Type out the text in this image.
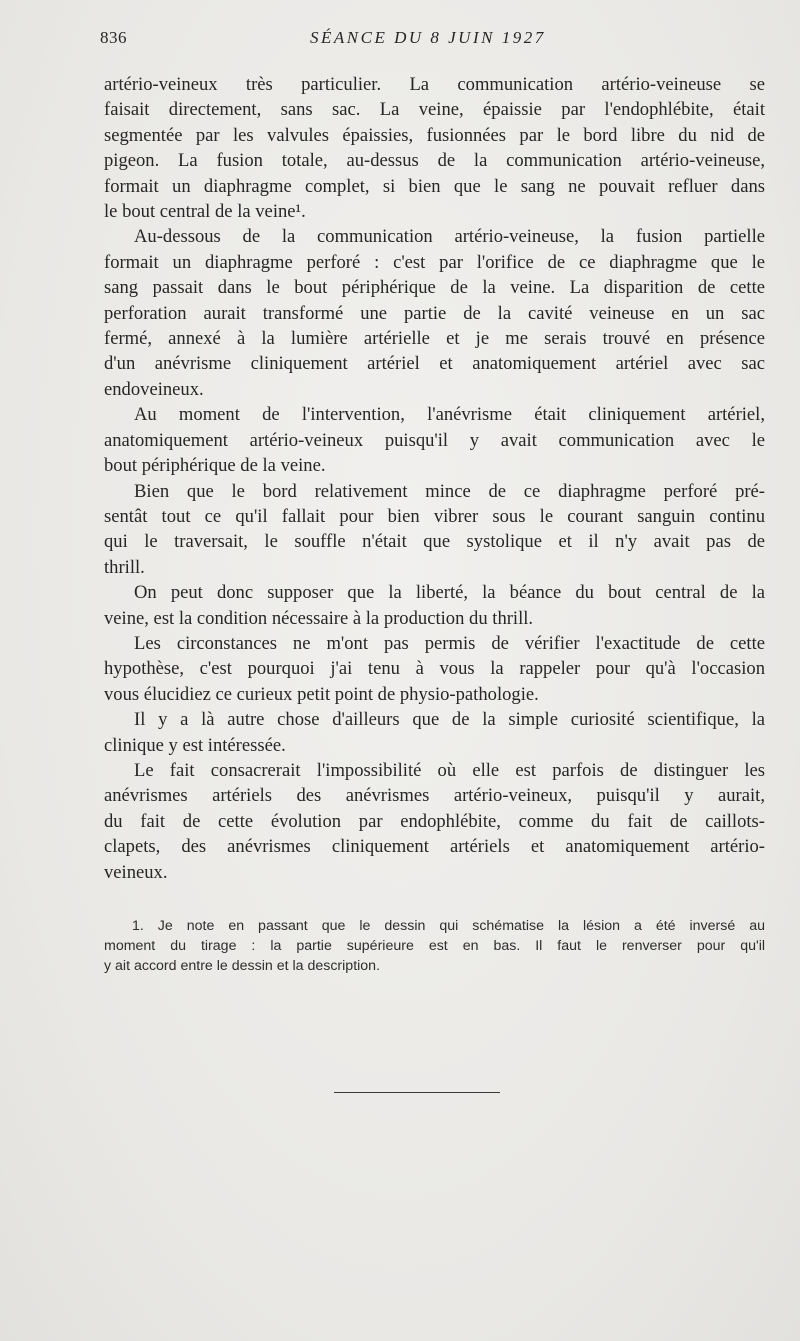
836	SÉANCE DU 8 JUIN 1927
artério-veineux très particulier. La communication artério-veineuse se
faisait directement, sans sac. La veine, épaissie par l'endophlébite, était
segmentée par les valvules épaissies, fusionnées par le bord libre du nid de
pigeon. La fusion totale, au-dessus de la communication artério-veineuse,
formait un diaphragme complet, si bien que le sang ne pouvait refluer dans
le bout central de la veine¹.
Au-dessous de la communication artério-veineuse, la fusion partielle
formait un diaphragme perforé : c'est par l'orifice de ce diaphragme que le
sang passait dans le bout périphérique de la veine. La disparition de cette
perforation aurait transformé une partie de la cavité veineuse en un sac
fermé, annexé à la lumière artérielle et je me serais trouvé en présence
d'un anévrisme cliniquement artériel et anatomiquement artériel avec sac
endoveineux.
Au moment de l'intervention, l'anévrisme était cliniquement artériel,
anatomiquement artério-veineux puisqu'il y avait communication avec le
bout périphérique de la veine.
Bien que le bord relativement mince de ce diaphragme perforé pré-
sentât tout ce qu'il fallait pour bien vibrer sous le courant sanguin continu
qui le traversait, le souffle n'était que systolique et il n'y avait pas de
thrill.
On peut donc supposer que la liberté, la béance du bout central de la
veine, est la condition nécessaire à la production du thrill.
Les circonstances ne m'ont pas permis de vérifier l'exactitude de cette
hypothèse, c'est pourquoi j'ai tenu à vous la rappeler pour qu'à l'occasion
vous élucidiez ce curieux petit point de physio-pathologie.
Il y a là autre chose d'ailleurs que de la simple curiosité scientifique, la
clinique y est intéressée.
Le fait consacrerait l'impossibilité où elle est parfois de distinguer les
anévrismes artériels des anévrismes artério-veineux, puisqu'il y aurait,
du fait de cette évolution par endophlébite, comme du fait de caillots-
clapets, des anévrismes cliniquement artériels et anatomiquement artério-
veineux.
1. Je note en passant que le dessin qui schématise la lésion a été inversé au
moment du tirage : la partie supérieure est en bas. Il faut le renverser pour qu'il
y ait accord entre le dessin et la description.
